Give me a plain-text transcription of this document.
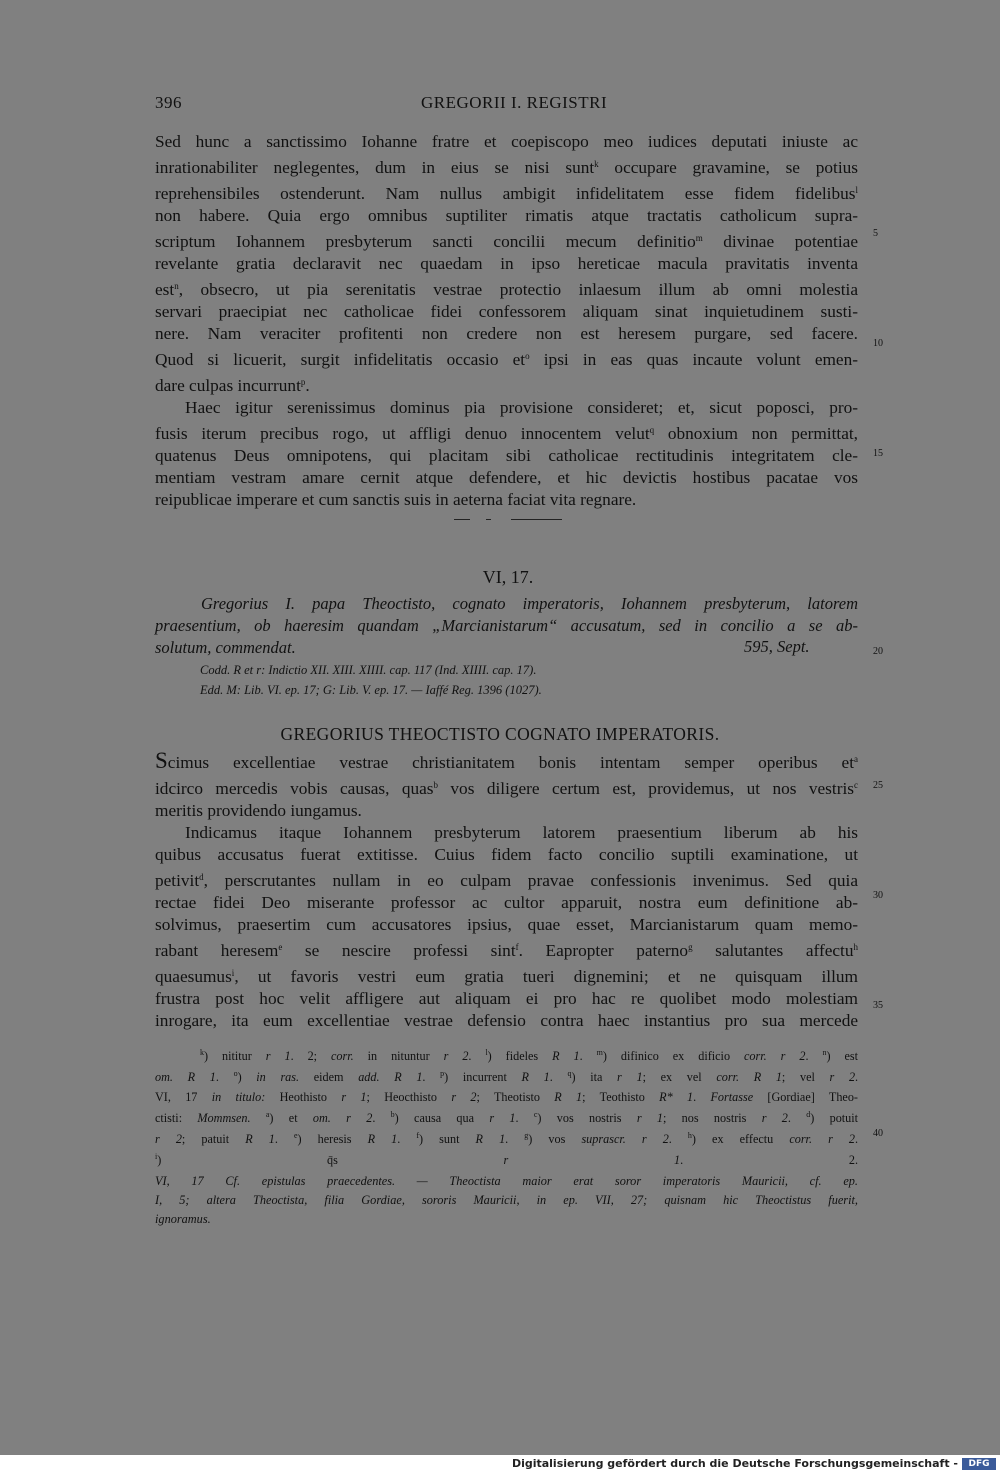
396	GREGORII I. REGISTRI
Sed hunc a sanctissimo Iohanne fratre et coepiscopo meo iudices deputati iniuste ac
inrationabiliter neglegentes, dum in eius se nisi sunt$^k$ occupare gravamine, se potius
reprehensibiles ostenderunt. Nam nullus ambigit infidelitatem esse fidem fidelibus$^l$
non habere. Quia ergo omnibus suptiliter rimatis atque tractatis catholicum supra-
scriptum Iohannem presbyterum sancti concilii mecum definitio$^m$ divinae potentiae
revelante gratia declaravit nec quaedam in ipso hereticae macula pravitatis inventa
est$^n$, obsecro, ut pia serenitatis vestrae protectio inlaesum illum ab omni molestia
servari praecipiat nec catholicae fidei confessorem aliquam sinat inquietudinem susti-
nere. Nam veraciter profitenti non credere non est heresem purgare, sed facere.
Quod si licuerit, surgit infidelitatis occasio $et^o$ ipsi in eas quas incaute volunt emen-
dare culpas incurrunt$^p$.
Haec igitur serenissimus dominus pia provisione consideret; et, sicut poposci, pro-
fusis iterum precibus rogo, ut affligi denuo innocentem velut$^q$ obnoxium non permittat,
quatenus Deus omnipotens, qui placitam sibi catholicae rectitudinis integritatem cle-
mentiam vestram amare cernit atque defendere, et hic devictis hostibus pacatae vos
reipublicae imperare et cum sanctis suis in aeterna faciat vita regnare.
5
10
15
VI, 17.
Gregorius I. papa Theoctisto, cognato imperatoris, Iohannem presbyterum, latorem
praesentium, ob haeresim quandam „Marcianistarum“ accusatum, sed in concilio a se ab-
solutum, commendat.	595, Sept.	20
Codd. R et r: Indictio XII. XIII. XIIII. cap. 117 (Ind. XIIII. cap. 17).
Edd. M: Lib. VI. ep. 17; G: Lib. V. ep. 17. — Iaffé Reg. 1396 (1027).
GREGORIUS THEOCTISTO COGNATO IMPERATORIS.
Scimus excellentiae vestrae christianitatem bonis intentam semper operibus $et^a$
idcirco mercedis vobis causas, quas$^b$ vos diligere certum est, providemus, ut nos vestris$^c$
meritis providendo iungamus.
Indicamus itaque Iohannem presbyterum latorem praesentium liberum ab his
quibus accusatus fuerat extitisse. Cuius fidem facto concilio suptili examinatione, ut
petivit$^d$, perscrutantes nullam in eo culpam pravae confessionis invenimus. Sed quia
rectae fidei Deo miserante professor ac cultor apparuit, nostra eum definitione ab-
solvimus, praesertim cum accusatores ipsius, quae esset, Marcianistarum quam memo-
rabant heresem$^e$ se nescire professi sint$^f$. Eapropter paterno$^g$ salutantes affectu$^h$
quaesumus$^i$, ut favoris vestri eum gratia tueri dignemini; et ne quisquam illum
frustra post hoc velit affligere aut aliquam ei pro hac re quolibet modo molestiam
inrogare, ita eum excellentiae vestrae defensio contra haec instantius pro sua mercede
25
30
35
$^k$) nititur r 1. 2; corr. in nituntur r 2. $^l$) fideles R 1. $^m$) difinico ex dificio corr. r 2. $^n$) est
om. R 1. $^o$) in ras. eidem add. R 1. $^p$) incurrent R 1. $^q$) ita r 1; ex vel corr. R 1; vel r 2.
VI, 17 in titulo: Heothisto r 1; Heocthisto r 2; Theotisto R 1; Teothisto R* 1. Fortasse [Gordiae] Theo-
ctisti: Mommsen. $^a$) et om. r 2. $^b$) causa qua r 1. $^c$) vos nostris r 1; nos nostris r 2. $^d$) potuit
r 2; patuit R 1. $^e$) heresis R 1. $^f$) sunt R 1. $^g$) vos suprascr. r 2. $^h$) ex effectu corr. r 2.
$^i$) q̄s r 1. 2.
40
VI, 17 Cf. epistulas praecedentes. — Theoctista maior erat soror imperatoris Mauricii, cf. ep.
I, 5; altera Theoctista, filia Gordiae, sororis Mauricii, in ep. VII, 27; quisnam hic Theoctistus fuerit,
ignoramus.
Digitalisierung gefördert durch die Deutsche Forschungsgemeinschaft -	DFG
